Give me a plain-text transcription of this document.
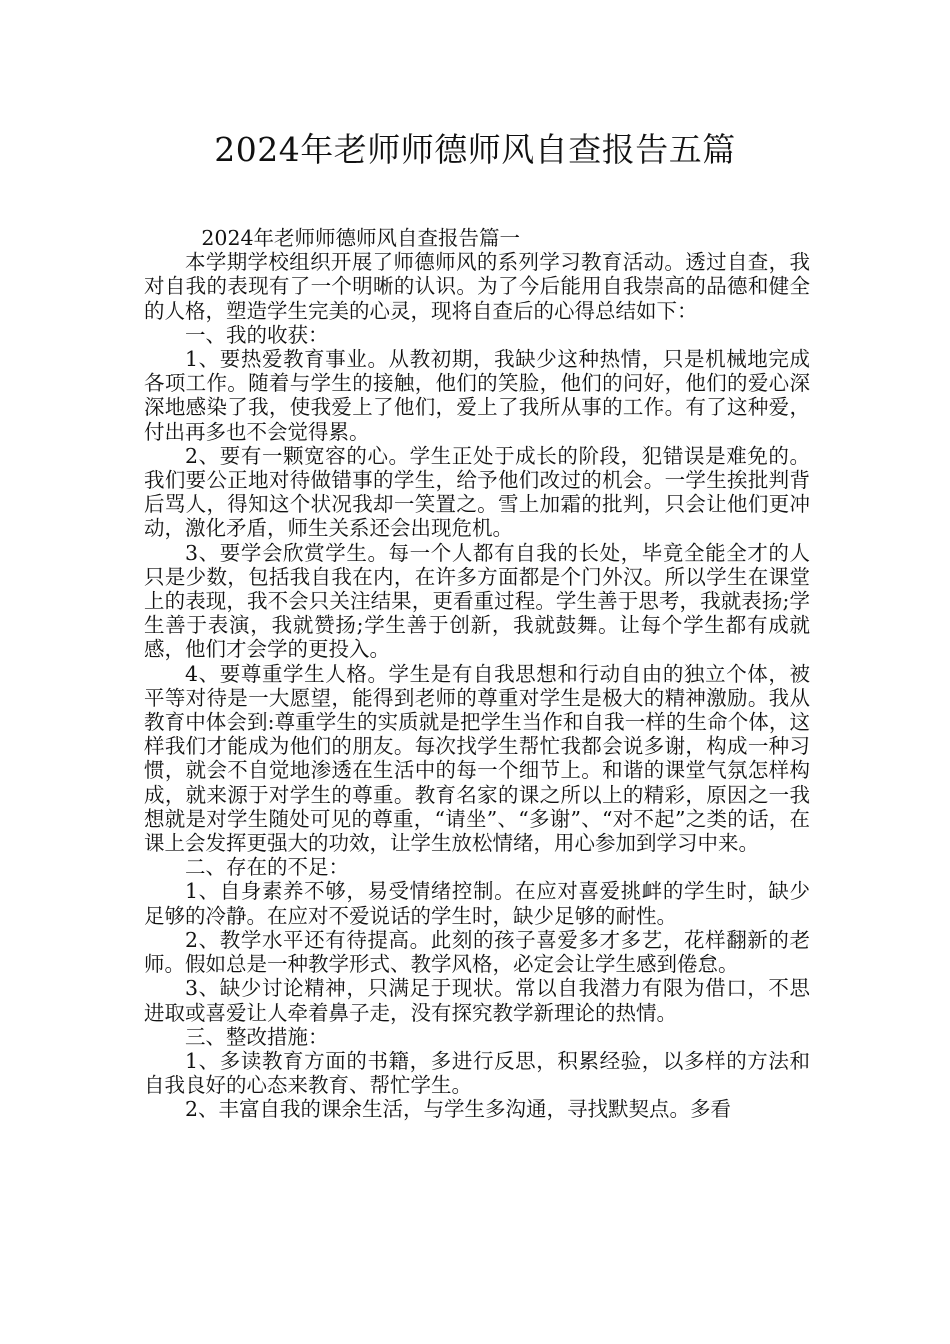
2024年老师师德师风自查报告五篇

2024年老师师德师风自查报告篇一

本学期学校组织开展了师德师风的系列学习教育活动。透过自查，我对自我的表现有了一个明晰的认识。为了今后能用自我崇高的品德和健全的人格，塑造学生完美的心灵，现将自查后的心得总结如下：

一、我的收获：

1、要热爱教育事业。从教初期，我缺少这种热情，只是机械地完成各项工作。随着与学生的接触，他们的笑脸，他们的问好，他们的爱心深深地感染了我，使我爱上了他们，爱上了我所从事的工作。有了这种爱，付出再多也不会觉得累。

2、要有一颗宽容的心。学生正处于成长的阶段，犯错误是难免的。我们要公正地对待做错事的学生，给予他们改过的机会。一学生挨批判背后骂人，得知这个状况我却一笑置之。雪上加霜的批判，只会让他们更冲动，激化矛盾，师生关系还会出现危机。

3、要学会欣赏学生。每一个人都有自我的长处，毕竟全能全才的人只是少数，包括我自我在内，在许多方面都是个门外汉。所以学生在课堂上的表现，我不会只关注结果，更看重过程。学生善于思考，我就表扬;学生善于表演，我就赞扬;学生善于创新，我就鼓舞。让每个学生都有成就感，他们才会学的更投入。

4、要尊重学生人格。学生是有自我思想和行动自由的独立个体，被平等对待是一大愿望，能得到老师的尊重对学生是极大的精神激励。我从教育中体会到:尊重学生的实质就是把学生当作和自我一样的生命个体，这样我们才能成为他们的朋友。每次找学生帮忙我都会说多谢，构成一种习惯，就会不自觉地渗透在生活中的每一个细节上。和谐的课堂气氛怎样构成，就来源于对学生的尊重。教育名家的课之所以上的精彩，原因之一我想就是对学生随处可见的尊重，“请坐”、“多谢”、“对不起”之类的话，在课上会发挥更强大的功效，让学生放松情绪，用心参加到学习中来。

二、存在的不足：

1、自身素养不够，易受情绪控制。在应对喜爱挑衅的学生时，缺少足够的冷静。在应对不爱说话的学生时，缺少足够的耐性。

2、教学水平还有待提高。此刻的孩子喜爱多才多艺，花样翻新的老师。假如总是一种教学形式、教学风格，必定会让学生感到倦怠。

3、缺少讨论精神，只满足于现状。常以自我潜力有限为借口，不思进取或喜爱让人牵着鼻子走，没有探究教学新理论的热情。

三、整改措施：

1、多读教育方面的书籍，多进行反思，积累经验，以多样的方法和自我良好的心态来教育、帮忙学生。

2、丰富自我的课余生活，与学生多沟通，寻找默契点。多看
